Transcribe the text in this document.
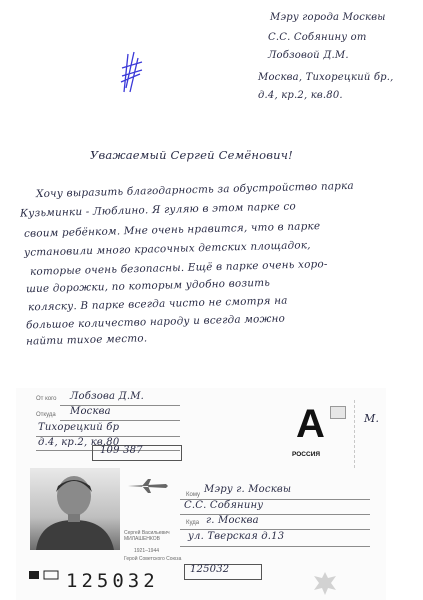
Мэру города Москвы
С.С. Собянину от
Лобзовой Д.М.
Москва, Тихорецкий бр.,
д.4, кр.2, кв.80.
Уважаемый Сергей Семёнович!
Хочу выразить благодарность за обустройство парка
Кузьминки - Люблино. Я гуляю в этом парке со
своим ребёнком. Мне очень нравится, что в парке
установили много красочных детских площадок,
которые очень безопасны. Ещё в парке очень хоро-
шие дорожки, по которым удобно возить
коляску. В парке всегда чисто не смотря на
большое количество народу и всегда можно
найти тихое место.
От кого Лобзова Д.М.
Откуда Москва
Тихорецкий бр
д.4, кр.2, кв.80
109 387
А
РОССИЯ
М.
Сергей Васильевич МИЛАШЕНКОВ
1921–1944
Герой Советского Союза
Кому Мэру г. Москвы
С.С. Собянину
Куда г. Москва
ул. Тверская д.13
125032
125032
